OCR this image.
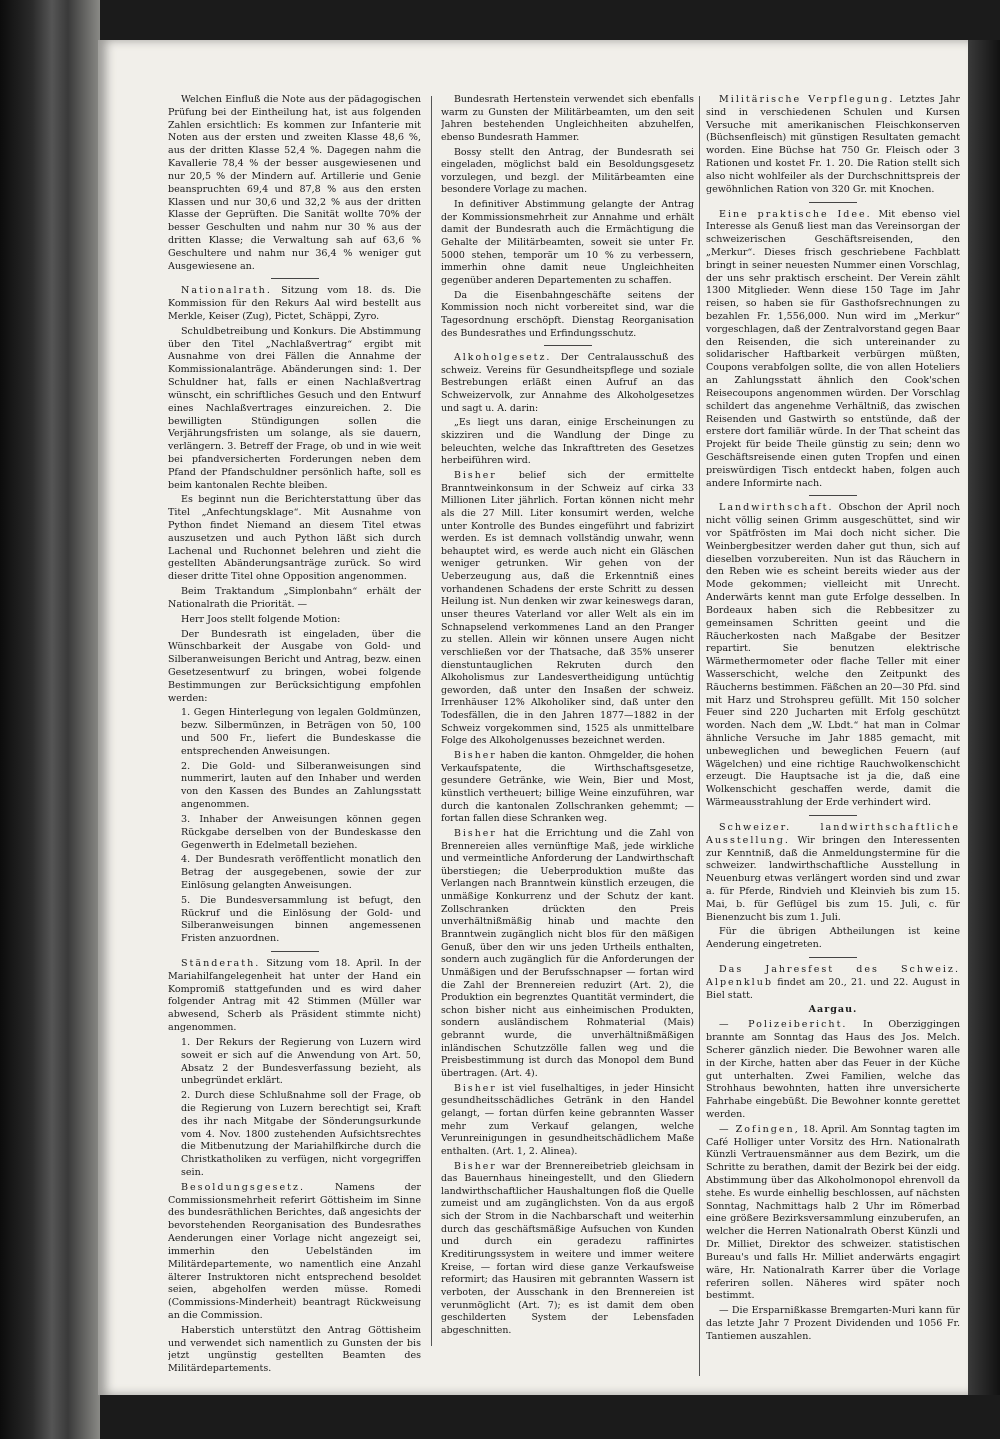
Welchen Einfluß die Note aus der pädagogischen Prüfung bei der Eintheilung hat, ist aus folgenden Zahlen ersichtlich: Es kommen zur Infanterie mit Noten aus der ersten und zweiten Klasse 48,6 %, aus der dritten Klasse 52,4 %. Dagegen nahm die Kavallerie 78,4 % der besser ausgewiesenen und nur 20,5 % der Mindern auf. Artillerie und Genie beanspruchten 69,4 und 87,8 % aus den ersten Klassen und nur 30,6 und 32,2 % aus der dritten Klasse der Geprüften. Die Sanität wollte 70% der besser Geschulten und nahm nur 30 % aus der dritten Klasse; die Verwaltung sah auf 63,6 % Geschultere und nahm nur 36,4 % weniger gut Ausgewiesene an.

Nationalrath. Sitzung vom 18. ds. Die Kommission für den Rekurs Aal wird bestellt aus Merkle, Keiser (Zug), Pictet, Schäppi, Zyro.

Schuldbetreibung und Konkurs. Die Abstimmung über den Titel „Nachlaßvertrag“ ergibt mit Ausnahme von drei Fällen die Annahme der Kommissionalanträge. Abänderungen sind: 1. Der Schuldner hat, falls er einen Nachlaßvertrag wünscht, ein schriftliches Gesuch und den Entwurf eines Nachlaßvertrages einzureichen. 2. Die bewilligten Stündigungen sollen die Verjährungsfristen um solange, als sie dauern, verlängern. 3. Betreff der Frage, ob und in wie weit bei pfandversicherten Forderungen neben dem Pfand der Pfandschuldner persönlich hafte, soll es beim kantonalen Rechte bleiben.

Es beginnt nun die Berichterstattung über das Titel „Anfechtungsklage“. Mit Ausnahme von Python findet Niemand an diesem Titel etwas auszusetzen und auch Python läßt sich durch Lachenal und Ruchonnet belehren und zieht die gestellten Abänderungsanträge zurück. So wird dieser dritte Titel ohne Opposition angenommen.

Beim Traktandum „Simplonbahn“ erhält der Nationalrath die Priorität. —

Herr Joos stellt folgende Motion:

Der Bundesrath ist eingeladen, über die Wünschbarkeit der Ausgabe von Gold- und Silberanweisungen Bericht und Antrag, bezw. einen Gesetzesentwurf zu bringen, wobei folgende Bestimmungen zur Berücksichtigung empfohlen werden:

1. Gegen Hinterlegung von legalen Goldmünzen, bezw. Silbermünzen, in Beträgen von 50, 100 und 500 Fr., liefert die Bundeskasse die entsprechenden Anweisungen.

2. Die Gold- und Silberanweisungen sind nummerirt, lauten auf den Inhaber und werden von den Kassen des Bundes an Zahlungsstatt angenommen.

3. Inhaber der Anweisungen können gegen Rückgabe derselben von der Bundeskasse den Gegenwerth in Edelmetall beziehen.

4. Der Bundesrath veröffentlicht monatlich den Betrag der ausgegebenen, sowie der zur Einlösung gelangten Anweisungen.

5. Die Bundesversammlung ist befugt, den Rückruf und die Einlösung der Gold- und Silberanweisungen binnen angemessenen Fristen anzuordnen.

Ständerath. Sitzung vom 18. April. In der Mariahilfangelegenheit hat unter der Hand ein Kompromiß stattgefunden und es wird daher folgender Antrag mit 42 Stimmen (Müller war abwesend, Scherb als Präsident stimmte nicht) angenommen.

1. Der Rekurs der Regierung von Luzern wird soweit er sich auf die Anwendung von Art. 50, Absatz 2 der Bundesverfassung bezieht, als unbegründet erklärt.

2. Durch diese Schlußnahme soll der Frage, ob die Regierung von Luzern berechtigt sei, Kraft des ihr nach Mitgabe der Sönderungsurkunde vom 4. Nov. 1800 zustehenden Aufsichtsrechtes die Mitbenutzung der Mariahilfkirche durch die Christkatholiken zu verfügen, nicht vorgegriffen sein.

Besoldungsgesetz.	Namens der Commissionsmehrheit referirt Göttisheim im Sinne des bundesräthlichen Berichtes, daß angesichts der bevorstehenden Reorganisation des Bundesrathes Aenderungen einer Vorlage nicht angezeigt sei, immerhin den Uebelständen im Militärdepartemente, wo namentlich eine Anzahl älterer Instruktoren nicht entsprechend besoldet seien, abgeholfen werden müsse. Romedi (Commissions-Minderheit) beantragt Rückweisung an die Commission.

Haberstich unterstützt den Antrag Göttisheim und verwendet sich namentlich zu Gunsten der bis jetzt ungünstig gestellten Beamten des Militärdepartements.

Bundesrath Hertenstein verwendet sich ebenfalls warm zu Gunsten der Militärbeamten, um den seit Jahren bestehenden Ungleichheiten abzuhelfen, ebenso Bundesrath Hammer.

Bossy stellt den Antrag, der Bundesrath sei eingeladen, möglichst bald ein Besoldungsgesetz vorzulegen, und bezgl. der Militärbeamten eine besondere Vorlage zu machen.

In definitiver Abstimmung gelangte der Antrag der Kommissionsmehrheit zur Annahme und erhält damit der Bundesrath auch die Ermächtigung die Gehalte der Militärbeamten, soweit sie unter Fr. 5000 stehen, temporär um 10 % zu verbessern, immerhin ohne damit neue Ungleichheiten gegenüber anderen Departementen zu schaffen.

Da die Eisenbahngeschäfte seitens der Kommission noch nicht vorbereitet sind, war die Tagesordnung erschöpft. Dienstag Reorganisation des Bundesrathes und Erfindungsschutz.

Alkoholgesetz. Der Centralausschuß des schweiz. Vereins für Gesundheitspflege und soziale Bestrebungen erläßt einen Aufruf an das Schweizervolk, zur Annahme des Alkoholgesetzes und sagt u. A. darin:

„Es liegt uns daran, einige Erscheinungen zu skizziren und die Wandlung der Dinge zu beleuchten, welche das Inkrafttreten des Gesetzes herbeiführen wird.

Bisher belief sich der ermittelte Branntweinkonsum in der Schweiz auf cirka 33 Millionen Liter jährlich. Fortan können nicht mehr als die 27 Mill. Liter konsumirt werden, welche unter Kontrolle des Bundes eingeführt und fabrizirt werden. Es ist demnach vollständig unwahr, wenn behauptet wird, es werde auch nicht ein Gläschen weniger getrunken. Wir gehen von der Ueberzeugung aus, daß die Erkenntniß eines vorhandenen Schadens der erste Schritt zu dessen Heilung ist. Nun denken wir zwar keineswegs daran, unser theures Vaterland vor aller Welt als ein im Schnapselend verkommenes Land an den Pranger zu stellen. Allein wir können unsere Augen nicht verschließen vor der Thatsache, daß 35% unserer dienstuntauglichen Rekruten durch den Alkoholismus zur Landesvertheidigung untüchtig geworden, daß unter den Insaßen der schweiz. Irrenhäuser 12% Alkoholiker sind, daß unter den Todesfällen, die in den Jahren 1877—1882 in der Schweiz vorgekommen sind, 1525 als unmittelbare Folge des Alkoholgenusses bezeichnet werden.

Bisher haben die kanton. Ohmgelder, die hohen Verkaufspatente, die Wirthschaftsgesetze, gesundere Getränke, wie Wein, Bier und Most, künstlich vertheuert; billige Weine einzuführen, war durch die kantonalen Zollschranken gehemmt; — fortan fallen diese Schranken weg.

Bisher hat die Errichtung und die Zahl von Brennereien alles vernünftige Maß, jede wirkliche und vermeintliche Anforderung der Landwirthschaft überstiegen; die Ueberproduktion mußte das Verlangen nach Branntwein künstlich erzeugen, die unmäßige Konkurrenz und der Schutz der kant. Zollschranken drückten den Preis unverhältnißmäßig hinab und machte den Branntwein zugänglich nicht blos für den mäßigen Genuß, über den wir uns jeden Urtheils enthalten, sondern auch zugänglich für die Anforderungen der Unmäßigen und der Berufsschnapser — fortan wird die Zahl der Brennereien reduzirt (Art. 2), die Produktion ein begrenztes Quantität vermindert, die schon bisher nicht aus einheimischen Produkten, sondern ausländischem Rohmaterial (Mais) gebrannt wurde, die unverhältnißmäßigen inländischen Schutzzölle fallen weg und die Preisbestimmung ist durch das Monopol dem Bund übertragen. (Art. 4).

Bisher ist viel fuselhaltiges, in jeder Hinsicht gesundheitsschädliches Getränk in den Handel gelangt, — fortan dürfen keine gebrannten Wasser mehr zum Verkauf gelangen, welche Verunreinigungen in gesundheitschädlichem Maße enthalten. (Art. 1, 2. Alinea).

Bisher war der Brennereibetrieb gleichsam in das Bauernhaus hineingestellt, und den Gliedern landwirthschaftlicher Haushaltungen floß die Quelle zumeist und am zugänglichsten. Von da aus ergoß sich der Strom in die Nachbarschaft und weiterhin durch das geschäftsmäßige Aufsuchen von Kunden und durch ein geradezu raffinirtes Kreditirungssystem in weitere und immer weitere Kreise, — fortan wird diese ganze Verkaufsweise reformirt; das Hausiren mit gebrannten Wassern ist verboten, der Ausschank in den Brennereien ist verunmöglicht (Art. 7); es ist damit dem oben geschilderten System der Lebensfaden abgeschnitten.

Militärische Verpflegung. Letztes Jahr sind in verschiedenen Schulen und Kursen Versuche mit amerikanischen Fleischkonserven (Büchsenfleisch) mit günstigen Resultaten gemacht worden. Eine Büchse hat 750 Gr. Fleisch oder 3 Rationen und kostet Fr. 1. 20. Die Ration stellt sich also nicht wohlfeiler als der Durchschnittspreis der gewöhnlichen Ration von 320 Gr. mit Knochen.

Eine praktische Idee. Mit ebenso viel Interesse als Genuß liest man das Vereinsorgan der schweizerischen Geschäftsreisenden, den „Merkur“. Dieses frisch geschriebene Fachblatt bringt in seiner neuesten Nummer einen Vorschlag, der uns sehr praktisch erscheint. Der Verein zählt 1300 Mitglieder. Wenn diese 150 Tage im Jahr reisen, so haben sie für Gasthofsrechnungen zu bezahlen Fr. 1,556,000. Nun wird im „Merkur“ vorgeschlagen, daß der Zentralvorstand gegen Baar den Reisenden, die sich untereinander zu solidarischer Haftbarkeit verbürgen müßten, Coupons verabfolgen sollte, die von allen Hoteliers an Zahlungsstatt ähnlich den Cook'schen Reisecoupons angenommen würden. Der Vorschlag schildert das angenehme Verhältniß, das zwischen Reisenden und Gastwirth so entstünde, daß der erstere dort familiär würde. In der That scheint das Projekt für beide Theile günstig zu sein; denn wo Geschäftsreisende einen guten Tropfen und einen preiswürdigen Tisch entdeckt haben, folgen auch andere Informirte nach.

Landwirthschaft. Obschon der April noch nicht völlig seinen Grimm ausgeschüttet, sind wir vor Spätfrösten im Mai doch nicht sicher. Die Weinbergbesitzer werden daher gut thun, sich auf dieselben vorzubereiten. Nun ist das Räuchern in den Reben wie es scheint bereits wieder aus der Mode gekommen; vielleicht mit Unrecht. Anderwärts kennt man gute Erfolge desselben. In Bordeaux haben sich die Rebbesitzer zu gemeinsamen Schritten geeint und die Räucherkosten nach Maßgabe der Besitzer repartirt. Sie benutzen elektrische Wärmethermometer oder flache Teller mit einer Wasserschicht, welche den Zeitpunkt des Räucherns bestimmen. Fäßchen an 20—30 Pfd. sind mit Harz und Strohspreu gefüllt. Mit 150 solcher Feuer sind 220 Jucharten mit Erfolg geschützt worden. Nach dem „W. Lbdt.“ hat man in Colmar ähnliche Versuche im Jahr 1885 gemacht, mit unbeweglichen und beweglichen Feuern (auf Wägelchen) und eine richtige Rauchwolkenschicht erzeugt. Die Hauptsache ist ja die, daß eine Wolkenschicht geschaffen werde, damit die Wärmeausstrahlung der Erde verhindert wird.

Schweizer. landwirthschaftliche Ausstellung. Wir bringen den Interessenten zur Kenntniß, daß die Anmeldungstermine für die schweizer. landwirthschaftliche Ausstellung in Neuenburg etwas verlängert worden sind und zwar a. für Pferde, Rindvieh und Kleinvieh bis zum 15. Mai, b. für Geflügel bis zum 15. Juli, c. für Bienenzucht bis zum 1. Juli.

Für die übrigen Abtheilungen ist keine Aenderung eingetreten.

Das Jahresfest des Schweiz. Alpenklub findet am 20., 21. und 22. August in Biel statt.

Aargau.

— Polizeibericht. In Oberziggingen brannte am Sonntag das Haus des Jos. Melch. Scherer gänzlich nieder. Die Bewohner waren alle in der Kirche, hatten aber das Feuer in der Küche gut unterhalten. Zwei Familien, welche das Strohhaus bewohnten, hatten ihre unversicherte Fahrhabe eingebüßt. Die Bewohner konnte gerettet werden.

— Zofingen, 18. April. Am Sonntag tagten im Café Holliger unter Vorsitz des Hrn. Nationalrath Künzli Vertrauensmänner aus dem Bezirk, um die Schritte zu berathen, damit der Bezirk bei der eidg. Abstimmung über das Alkoholmonopol ehrenvoll da stehe. Es wurde einhellig beschlossen, auf nächsten Sonntag, Nachmittags halb 2 Uhr im Römerbad eine größere Bezirksversammlung einzuberufen, an welcher die Herren Nationalrath Oberst Künzli und Dr. Milliet, Direktor des schweizer. statistischen Bureau's und falls Hr. Milliet anderwärts engagirt wäre, Hr. Nationalrath Karrer über die Vorlage referiren sollen. Näheres wird später noch bestimmt.

— Die Ersparnißkasse Bremgarten-Muri kann für das letzte Jahr 7 Prozent Dividenden und 1056 Fr. Tantiemen auszahlen.
